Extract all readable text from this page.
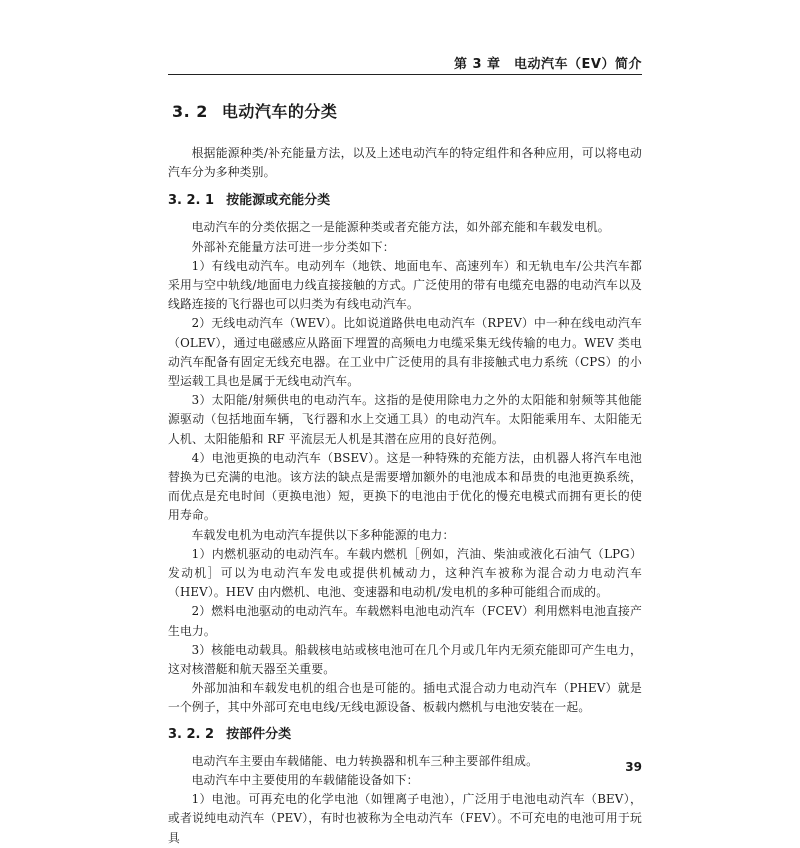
第 3 章　电动汽车（EV）简介
3. 2 电动汽车的分类

根据能源种类/补充能量方法，以及上述电动汽车的特定组件和各种应用，可以将电动汽车分为多种类别。

3. 2. 1 按能源或充能分类

电动汽车的分类依据之一是能源种类或者充能方法，如外部充能和车载发电机。

外部补充能量方法可进一步分类如下：

1）有线电动汽车。电动列车（地铁、地面电车、高速列车）和无轨电车/公共汽车都采用与空中轨线/地面电力线直接接触的方式。广泛使用的带有电缆充电器的电动汽车以及线路连接的飞行器也可以归类为有线电动汽车。

2）无线电动汽车（WEV）。比如说道路供电电动汽车（RPEV）中一种在线电动汽车（OLEV），通过电磁感应从路面下埋置的高频电力电缆采集无线传输的电力。WEV 类电动汽车配备有固定无线充电器。在工业中广泛使用的具有非接触式电力系统（CPS）的小型运载工具也是属于无线电动汽车。

3）太阳能/射频供电的电动汽车。这指的是使用除电力之外的太阳能和射频等其他能源驱动（包括地面车辆，飞行器和水上交通工具）的电动汽车。太阳能乘用车、太阳能无人机、太阳能船和 RF 平流层无人机是其潜在应用的良好范例。

4）电池更换的电动汽车（BSEV）。这是一种特殊的充能方法，由机器人将汽车电池替换为已充满的电池。该方法的缺点是需要增加额外的电池成本和昂贵的电池更换系统，而优点是充电时间（更换电池）短，更换下的电池由于优化的慢充电模式而拥有更长的使用寿命。

车载发电机为电动汽车提供以下多种能源的电力：

1）内燃机驱动的电动汽车。车载内燃机［例如，汽油、柴油或液化石油气（LPG）发动机］可以为电动汽车发电或提供机械动力，这种汽车被称为混合动力电动汽车（HEV）。HEV 由内燃机、电池、变速器和电动机/发电机的多种可能组合而成的。

2）燃料电池驱动的电动汽车。车载燃料电池电动汽车（FCEV）利用燃料电池直接产生电力。

3）核能电动载具。船载核电站或核电池可在几个月或几年内无须充能即可产生电力，这对核潜艇和航天器至关重要。

外部加油和车载发电机的组合也是可能的。插电式混合动力电动汽车（PHEV）就是一个例子，其中外部可充电电线/无线电源设备、板载内燃机与电池安装在一起。

3. 2. 2 按部件分类

电动汽车主要由车载储能、电力转换器和机车三种主要部件组成。

电动汽车中主要使用的车载储能设备如下：

1）电池。可再充电的化学电池（如锂离子电池），广泛用于电池电动汽车（BEV），或者说纯电动汽车（PEV），有时也被称为全电动汽车（FEV）。不可充电的电池可用于玩具

39
